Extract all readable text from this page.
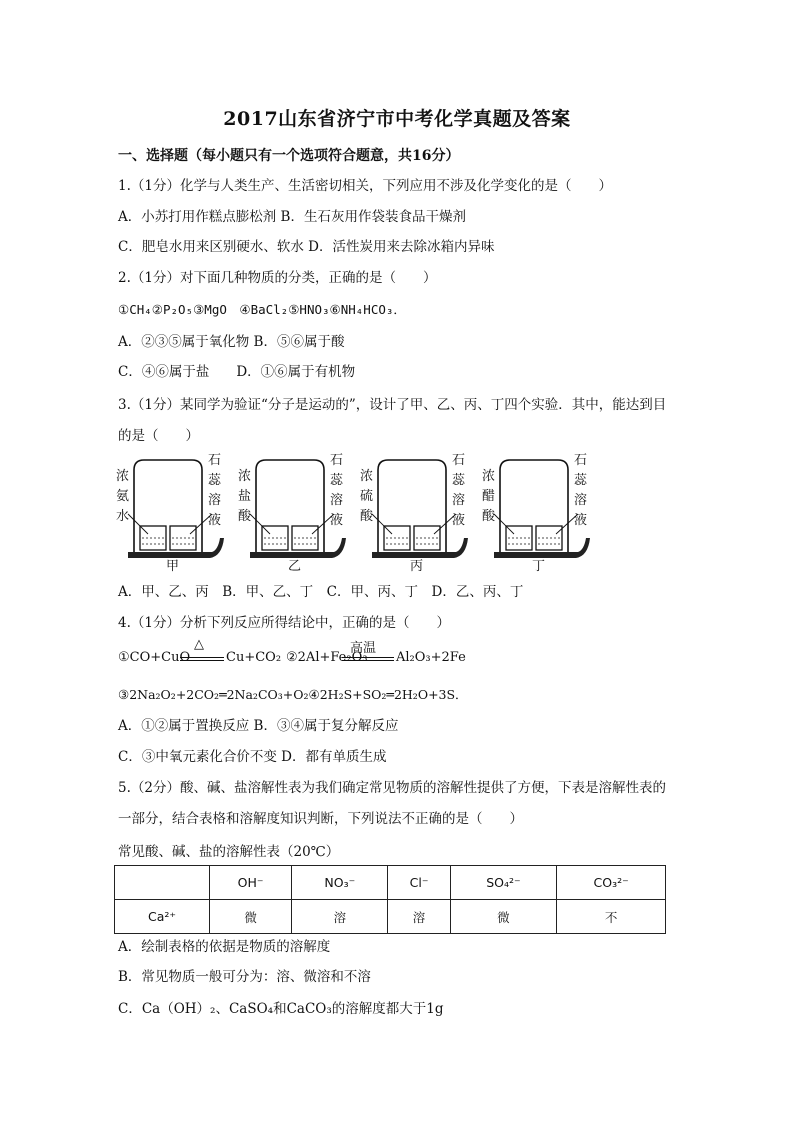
2017山东省济宁市中考化学真题及答案
一、选择题（每小题只有一个选项符合题意，共16分）
1.（1分）化学与人类生产、生活密切相关，下列应用不涉及化学变化的是（　　）
A．小苏打用作糕点膨松剂 B．生石灰用作袋装食品干燥剂
C．肥皂水用来区别硬水、软水 D．活性炭用来去除冰箱内异味
2.（1分）对下面几种物质的分类，正确的是（　　）
①CH₄②P₂O₅③MgO　④BaCl₂⑤HNO₃⑥NH₄HCO₃．
A．②③⑤属于氧化物 B．⑤⑥属于酸
C．④⑥属于盐　　D．①⑥属于有机物
3.（1分）某同学为验证“分子是运动的”，设计了甲、乙、丙、丁四个实验．其中，能达到目的是（　　）
浓
氨
水
石
蕊
溶
液
甲
浓
盐
酸
石
蕊
溶
液
乙
浓
硫
酸
石
蕊
溶
液
丙
浓
醋
酸
石
蕊
溶
液
丁
A．甲、乙、丙　B．甲、乙、丁　C．甲、丙、丁　D．乙、丙、丁
4.（1分）分析下列反应所得结论中，正确的是（　　）
①CO+CuO
△
Cu+CO₂ ②2Al+Fe₂O₃
高温
Al₂O₃+2Fe
③2Na₂O₂+2CO₂═2Na₂CO₃+O₂④2H₂S+SO₂═2H₂O+3S．
A．①②属于置换反应 B．③④属于复分解反应
C．③中氧元素化合价不变 D．都有单质生成
5.（2分）酸、碱、盐溶解性表为我们确定常见物质的溶解性提供了方便，下表是溶解性表的一部分，结合表格和溶解度知识判断，下列说法不正确的是（　　）
常见酸、碱、盐的溶解性表（20℃）
	OH⁻	NO₃⁻	Cl⁻	SO₄²⁻	CO₃²⁻
Ca²⁺	微	溶	溶	微	不
A．绘制表格的依据是物质的溶解度
B．常见物质一般可分为：溶、微溶和不溶
C．Ca（OH）₂、CaSO₄和CaCO₃的溶解度都大于1g
